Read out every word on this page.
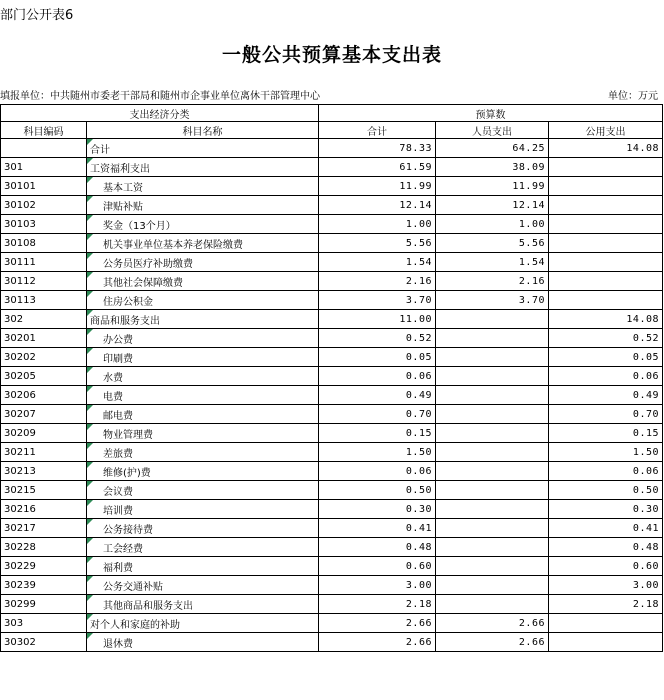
部门公开表6
一般公共预算基本支出表
填报单位：中共随州市委老干部局和随州市企事业单位离休干部管理中心	单位：万元
支出经济分类		预算数		
科目编码	科目名称	合计	人员支出	公用支出
	合计	78.33	64.25	14.08
301	工资福利支出	61.59	38.09	
30101	基本工资	11.99	11.99	
30102	津贴补贴	12.14	12.14	
30103	奖金（13个月）	1.00	1.00	
30108	机关事业单位基本养老保险缴费	5.56	5.56	
30111	公务员医疗补助缴费	1.54	1.54	
30112	其他社会保障缴费	2.16	2.16	
30113	住房公积金	3.70	3.70	
302	商品和服务支出	11.00		14.08
30201	办公费	0.52		0.52
30202	印刷费	0.05		0.05
30205	水费	0.06		0.06
30206	电费	0.49		0.49
30207	邮电费	0.70		0.70
30209	物业管理费	0.15		0.15
30211	差旅费	1.50		1.50
30213	维修(护)费	0.06		0.06
30215	会议费	0.50		0.50
30216	培训费	0.30		0.30
30217	公务接待费	0.41		0.41
30228	工会经费	0.48		0.48
30229	福利费	0.60		0.60
30239	公务交通补贴	3.00		3.00
30299	其他商品和服务支出	2.18		2.18
303	对个人和家庭的补助	2.66	2.66	
30302	退休费	2.66	2.66	
